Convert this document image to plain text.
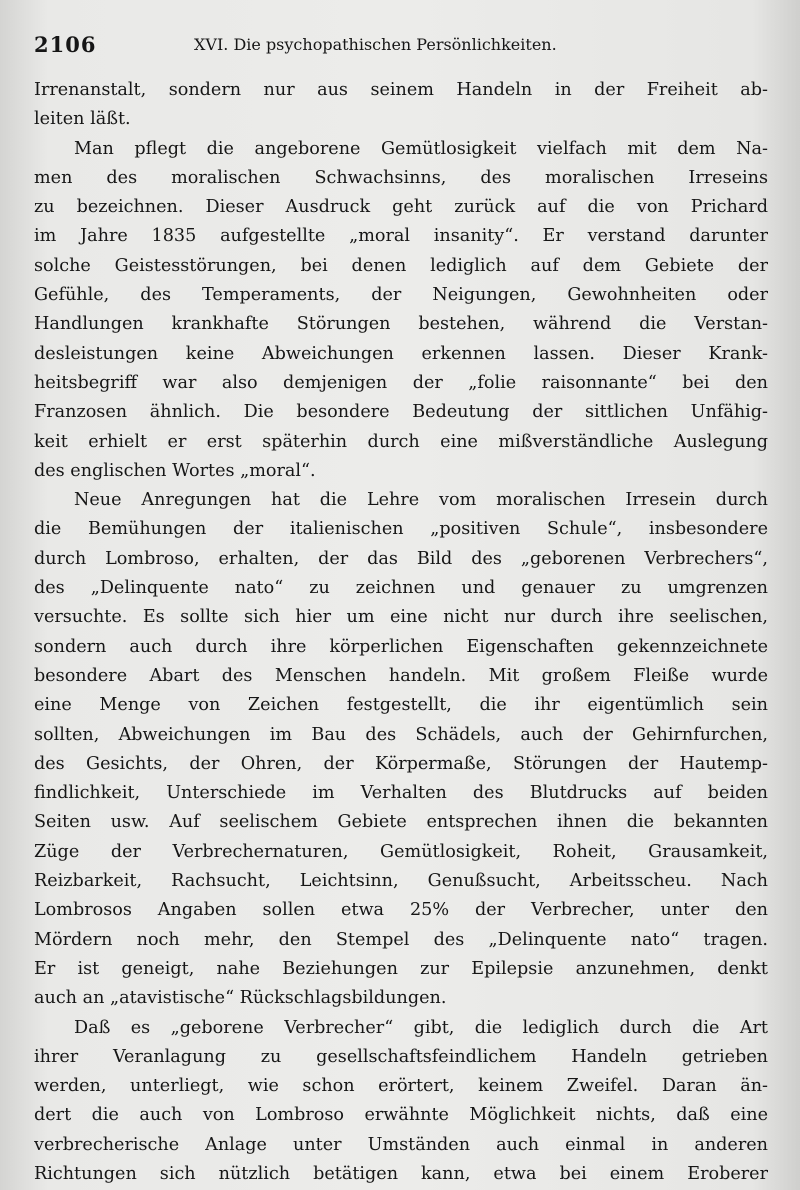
2106	XVI. Die psychopathischen Persönlichkeiten.
Irrenanstalt, sondern nur aus seinem Handeln in der Freiheit ab-
leiten läßt.
Man pflegt die angeborene Gemütlosigkeit vielfach mit dem Na-
men des moralischen Schwachsinns, des moralischen Irreseins
zu bezeichnen. Dieser Ausdruck geht zurück auf die von Prichard
im Jahre 1835 aufgestellte „moral insanity“. Er verstand darunter
solche Geistesstörungen, bei denen lediglich auf dem Gebiete der
Gefühle, des Temperaments, der Neigungen, Gewohnheiten oder
Handlungen krankhafte Störungen bestehen, während die Verstan-
desleistungen keine Abweichungen erkennen lassen. Dieser Krank-
heitsbegriff war also demjenigen der „folie raisonnante“ bei den
Franzosen ähnlich. Die besondere Bedeutung der sittlichen Unfähig-
keit erhielt er erst späterhin durch eine mißverständliche Auslegung
des englischen Wortes „moral“.
Neue Anregungen hat die Lehre vom moralischen Irresein durch
die Bemühungen der italienischen „positiven Schule“, insbesondere
durch Lombroso, erhalten, der das Bild des „geborenen Verbrechers“,
des „Delinquente nato“ zu zeichnen und genauer zu umgrenzen
versuchte. Es sollte sich hier um eine nicht nur durch ihre seelischen,
sondern auch durch ihre körperlichen Eigenschaften gekennzeichnete
besondere Abart des Menschen handeln. Mit großem Fleiße wurde
eine Menge von Zeichen festgestellt, die ihr eigentümlich sein
sollten, Abweichungen im Bau des Schädels, auch der Gehirnfurchen,
des Gesichts, der Ohren, der Körpermaße, Störungen der Hautemp-
findlichkeit, Unterschiede im Verhalten des Blutdrucks auf beiden
Seiten usw. Auf seelischem Gebiete entsprechen ihnen die bekannten
Züge der Verbrechernaturen, Gemütlosigkeit, Roheit, Grausamkeit,
Reizbarkeit, Rachsucht, Leichtsinn, Genußsucht, Arbeitsscheu. Nach
Lombrosos Angaben sollen etwa 25% der Verbrecher, unter den
Mördern noch mehr, den Stempel des „Delinquente nato“ tragen.
Er ist geneigt, nahe Beziehungen zur Epilepsie anzunehmen, denkt
auch an „atavistische“ Rückschlagsbildungen.
Daß es „geborene Verbrecher“ gibt, die lediglich durch die Art
ihrer Veranlagung zu gesellschaftsfeindlichem Handeln getrieben
werden, unterliegt, wie schon erörtert, keinem Zweifel. Daran än-
dert die auch von Lombroso erwähnte Möglichkeit nichts, daß eine
verbrecherische Anlage unter Umständen auch einmal in anderen
Richtungen sich nützlich betätigen kann, etwa bei einem Eroberer
